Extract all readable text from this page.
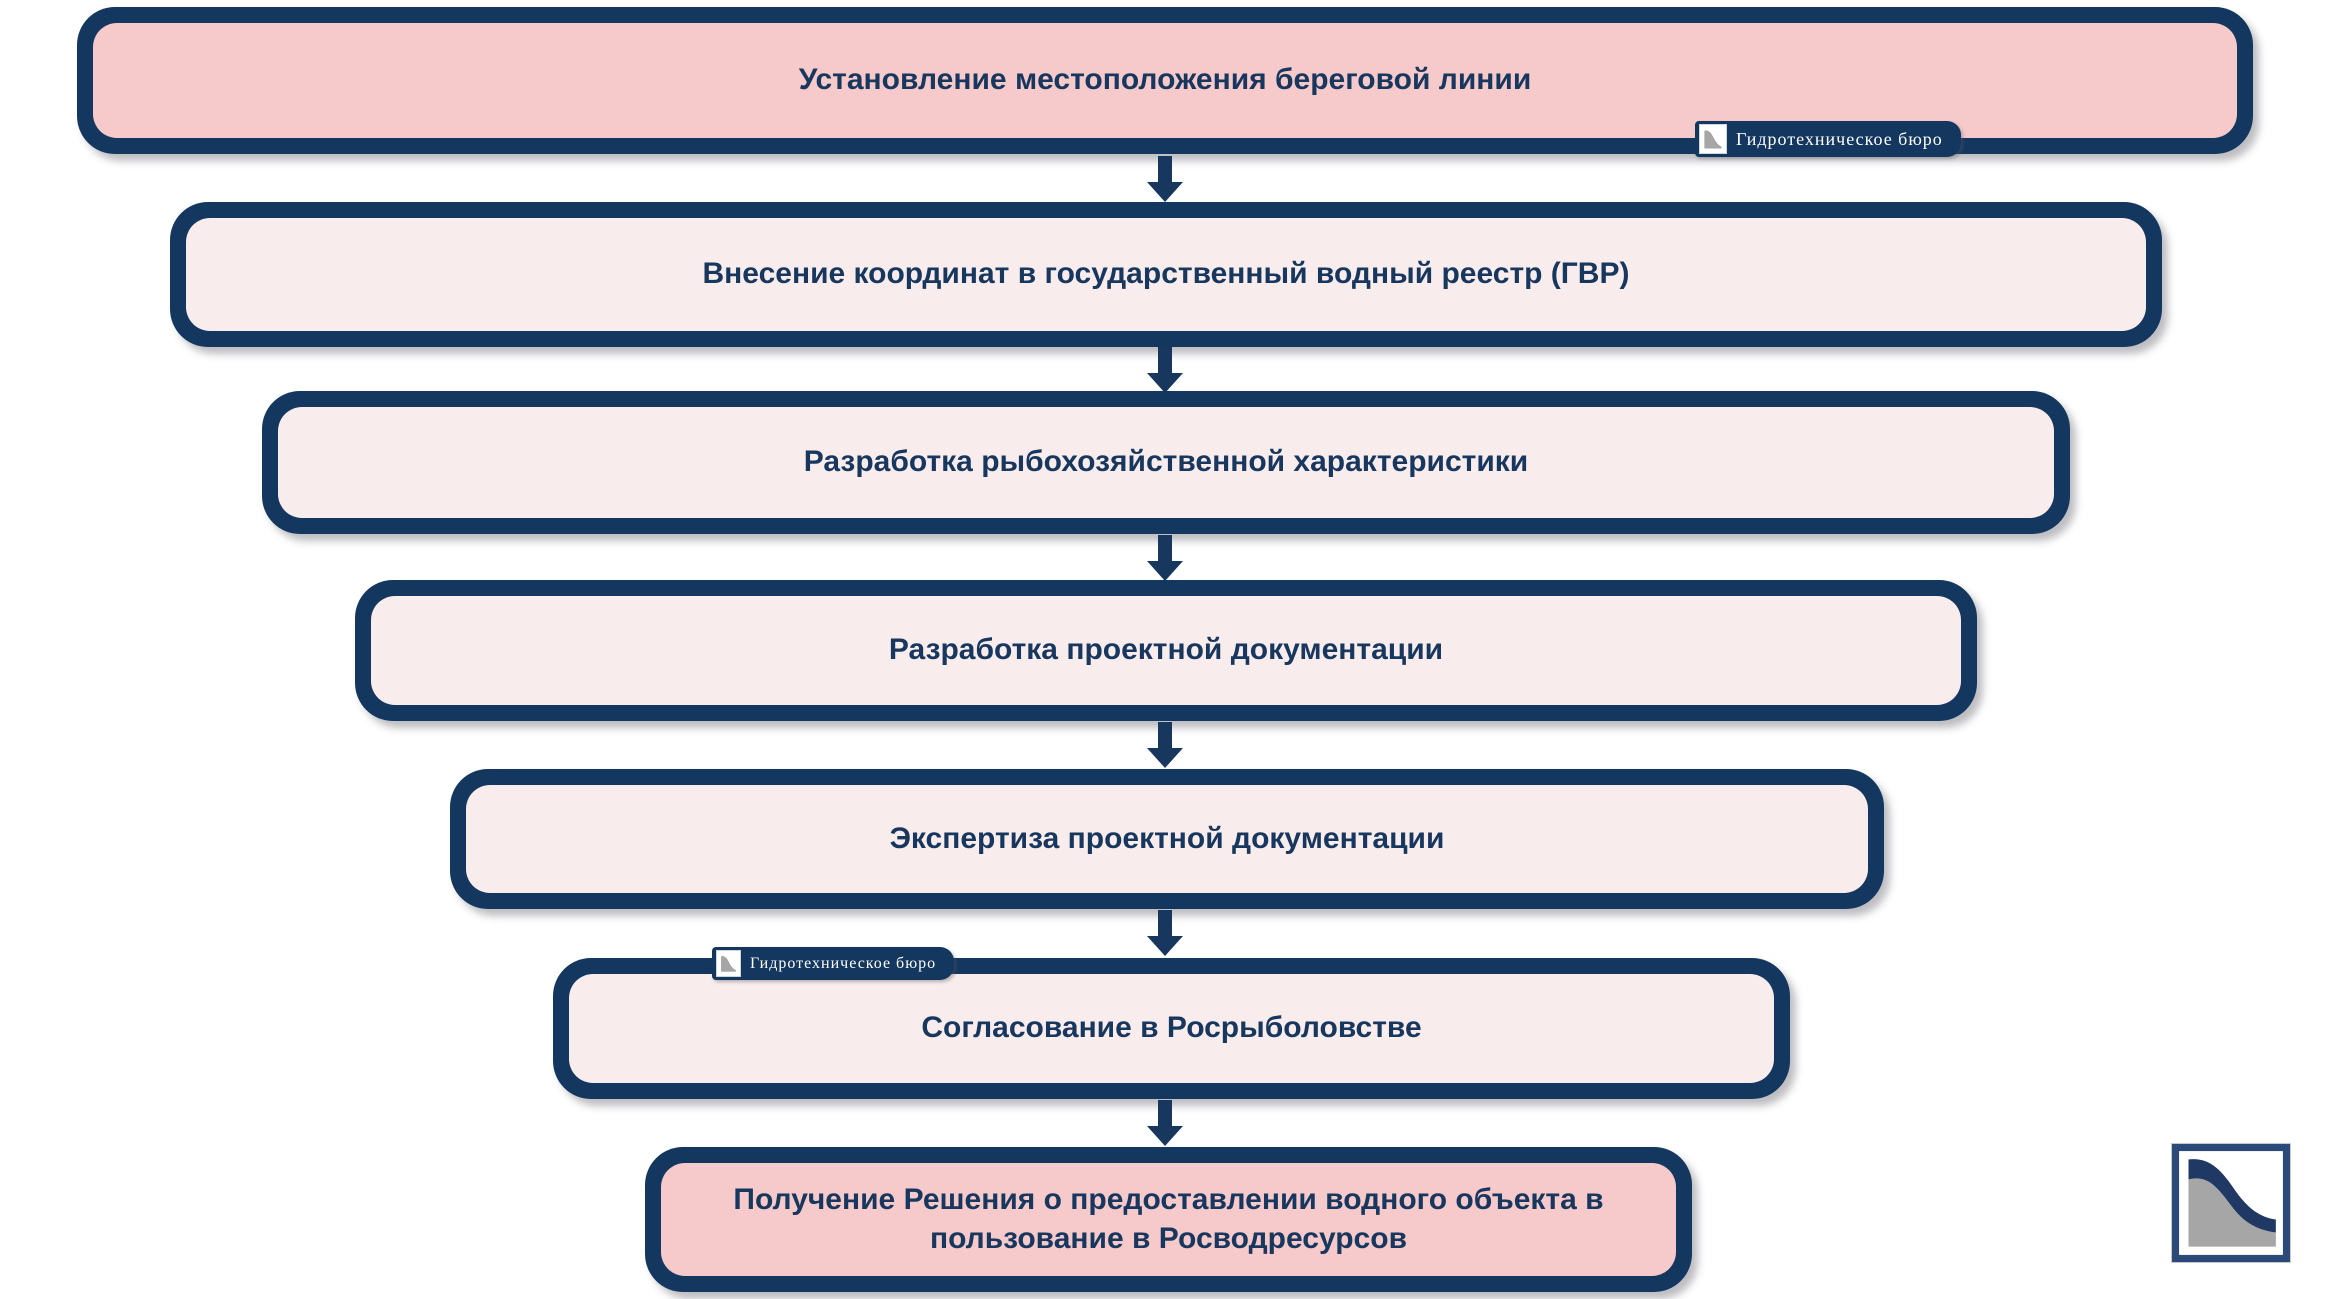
Установление местоположения береговой линии
Внесение координат в государственный водный реестр (ГВР)
Разработка рыбохозяйственной характеристики
Разработка проектной документации
Экспертиза проектной документации
Согласование в Росрыболовстве
Получение Решения о предоставлении водного объекта в пользование в Росводресурсов
Гидротехническое бюро
Гидротехническое бюро
